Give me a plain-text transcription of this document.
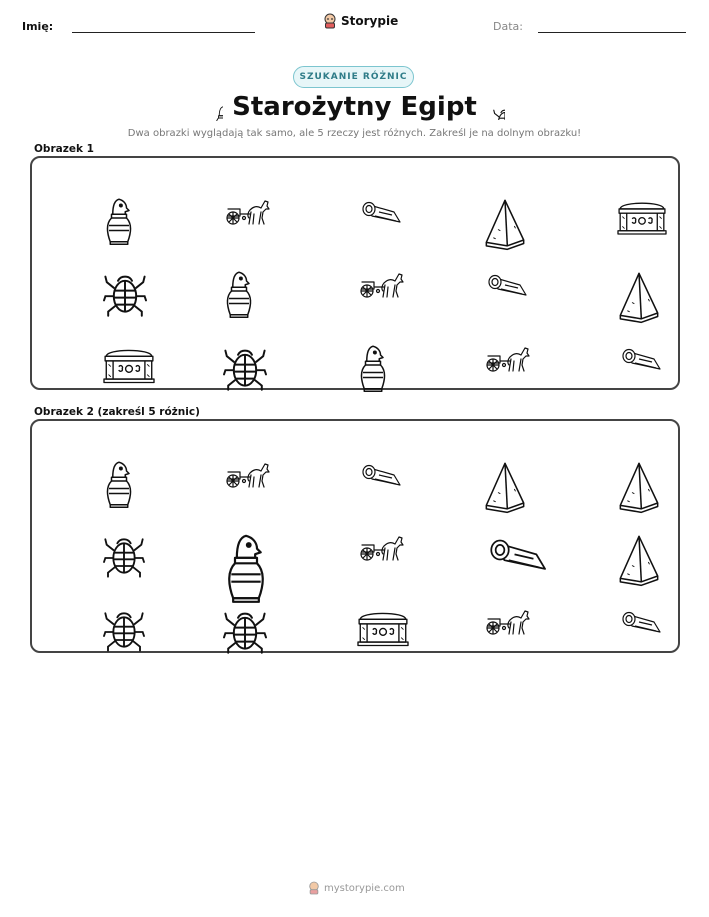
Imię:	Storypie	Data:
SZUKANIE RÓŻNIC
Starożytny Egipt
Dwa obrazki wyglądają tak samo, ale 5 rzeczy jest różnych. Zakreśl je na dolnym obrazku!
Obrazek 1
Obrazek 2 (zakreśl 5 różnic)
mystorypie.com
